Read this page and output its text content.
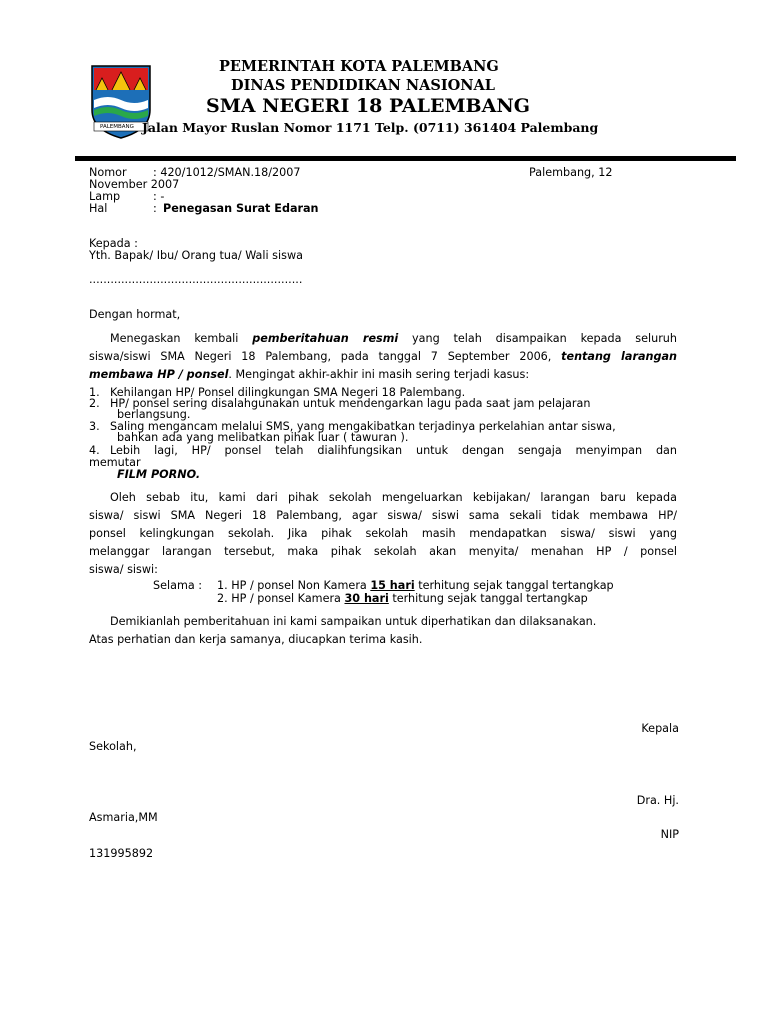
PALEMBANG
PEMERINTAH KOTA PALEMBANG
DINAS PENDIDIKAN NASIONAL
SMA NEGERI 18 PALEMBANG
Jalan Mayor Ruslan Nomor 1171 Telp. (0711) 361404 Palembang
Nomor : 420/1012/SMAN.18/2007	Palembang, 12
November 2007
Lamp	: -
Hal	: Penegasan Surat Edaran
Kepada :
Yth. Bapak/ Ibu/ Orang tua/ Wali siswa
............................................................
Dengan hormat,
Menegaskan kembali pemberitahuan resmi yang telah disampaikan kepada seluruh
siswa/siswi SMA Negeri 18 Palembang, pada tanggal 7 September 2006, tentang larangan
membawa HP / ponsel. Mengingat akhir-akhir ini masih sering terjadi kasus:
1. Kehilangan HP/ Ponsel dilingkungan SMA Negeri 18 Palembang.
2. HP/ ponsel sering disalahgunakan untuk mendengarkan lagu pada saat jam pelajaran
berlangsung.
3. Saling mengancam melalui SMS, yang mengakibatkan terjadinya perkelahian antar siswa,
bahkan ada yang melibatkan pihak luar ( tawuran ).
4. Lebih lagi, HP/ ponsel telah dialihfungsikan untuk dengan sengaja menyimpan dan
memutar
FILM PORNO.
Oleh sebab itu, kami dari pihak sekolah mengeluarkan kebijakan/ larangan baru kepada
siswa/ siswi SMA Negeri 18 Palembang, agar siswa/ siswi sama sekali tidak membawa HP/
ponsel kelingkungan sekolah. Jika pihak sekolah masih mendapatkan siswa/ siswi yang
melanggar larangan tersebut, maka pihak sekolah akan menyita/ menahan HP / ponsel
siswa/ siswi:
Selama : 1. HP / ponsel Non Kamera 15 hari terhitung sejak tanggal tertangkap
2. HP / ponsel Kamera 30 hari terhitung sejak tanggal tertangkap
Demikianlah pemberitahuan ini kami sampaikan untuk diperhatikan dan dilaksanakan.
Atas perhatian dan kerja samanya, diucapkan terima kasih.
Kepala
Sekolah,
Dra. Hj.
Asmaria,MM
NIP
131995892
